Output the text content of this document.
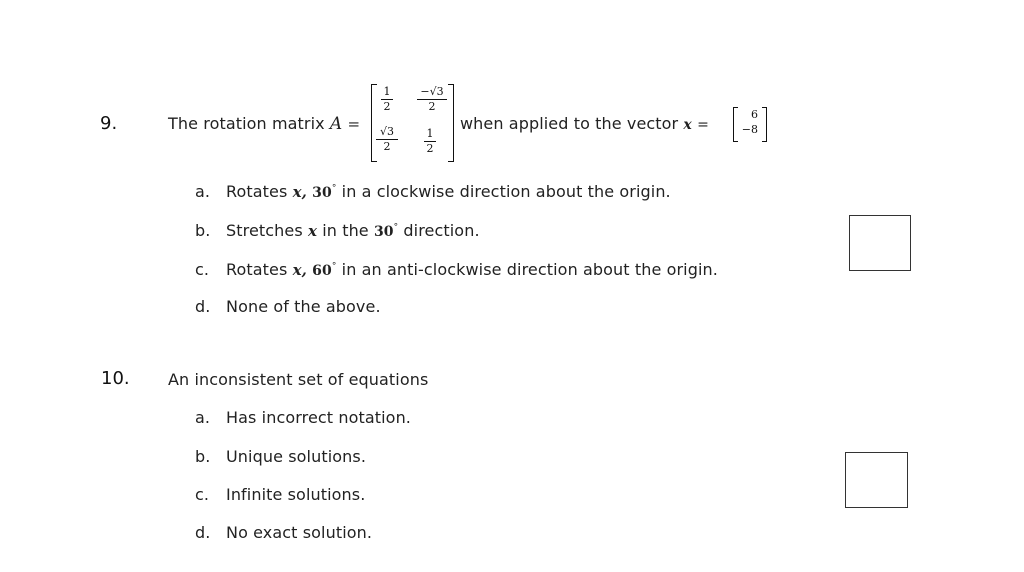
9.	The rotation matrix A =
1
2
−√3
2
√3
2
1
2
when applied to the vector x =
6
−8
a. Rotates x, 30° in a clockwise direction about the origin.
b. Stretches x in the 30° direction.
c. Rotates x, 60° in an anti-clockwise direction about the origin.
d. None of the above.
10. An inconsistent set of equations
a. Has incorrect notation.
b. Unique solutions.
c. Infinite solutions.
d. No exact solution.
